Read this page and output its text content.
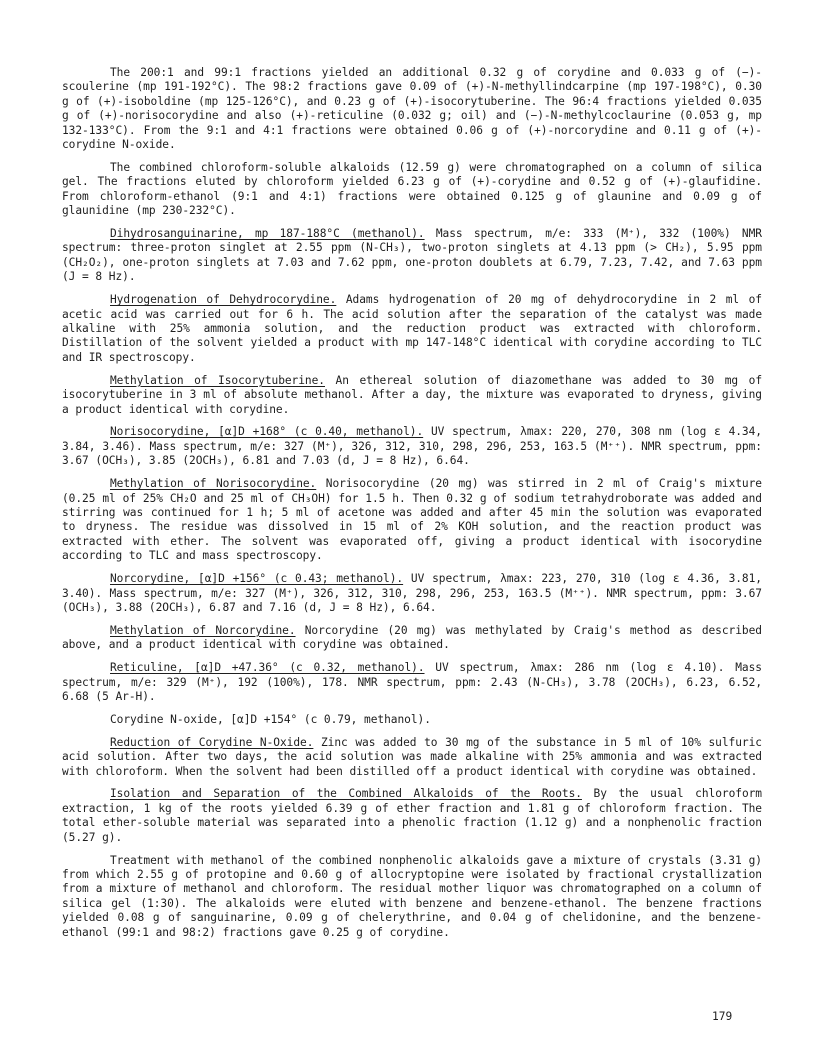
The 200:1 and 99:1 fractions yielded an additional 0.32 g of corydine and 0.033 g of (−)-scoulerine (mp 191-192°C). The 98:2 fractions gave 0.09 of (+)-N-methyllindcarpine (mp 197-198°C), 0.30 g of (+)-isoboldine (mp 125-126°C), and 0.23 g of (+)-isocorytuberine. The 96:4 fractions yielded 0.035 g of (+)-norisocorydine and also (+)-reticuline (0.032 g; oil) and (−)-N-methylcoclaurine (0.053 g, mp 132-133°C). From the 9:1 and 4:1 fractions were obtained 0.06 g of (+)-norcorydine and 0.11 g of (+)-corydine N-oxide.

The combined chloroform-soluble alkaloids (12.59 g) were chromatographed on a column of silica gel. The fractions eluted by chloroform yielded 6.23 g of (+)-corydine and 0.52 g of (+)-glaufidine. From chloroform-ethanol (9:1 and 4:1) fractions were obtained 0.125 g of glaunine and 0.09 g of glaunidine (mp 230-232°C).

Dihydrosanguinarine, mp 187-188°C (methanol). Mass spectrum, m/e: 333 (M⁺), 332 (100%) NMR spectrum: three-proton singlet at 2.55 ppm (N-CH₃), two-proton singlets at 4.13 ppm (> CH₂), 5.95 ppm (CH₂O₂), one-proton singlets at 7.03 and 7.62 ppm, one-proton doublets at 6.79, 7.23, 7.42, and 7.63 ppm (J = 8 Hz).

Hydrogenation of Dehydrocorydine. Adams hydrogenation of 20 mg of dehydrocorydine in 2 ml of acetic acid was carried out for 6 h. The acid solution after the separation of the catalyst was made alkaline with 25% ammonia solution, and the reduction product was extracted with chloroform. Distillation of the solvent yielded a product with mp 147-148°C identical with corydine according to TLC and IR spectroscopy.

Methylation of Isocorytuberine. An ethereal solution of diazomethane was added to 30 mg of isocorytuberine in 3 ml of absolute methanol. After a day, the mixture was evaporated to dryness, giving a product identical with corydine.

Norisocorydine, [α]D +168° (c 0.40, methanol). UV spectrum, λmax: 220, 270, 308 nm (log ε 4.34, 3.84, 3.46). Mass spectrum, m/e: 327 (M⁺), 326, 312, 310, 298, 296, 253, 163.5 (M⁺⁺). NMR spectrum, ppm: 3.67 (OCH₃), 3.85 (2OCH₃), 6.81 and 7.03 (d, J = 8 Hz), 6.64.

Methylation of Norisocorydine. Norisocorydine (20 mg) was stirred in 2 ml of Craig's mixture (0.25 ml of 25% CH₂O and 25 ml of CH₃OH) for 1.5 h. Then 0.32 g of sodium tetrahydroborate was added and stirring was continued for 1 h; 5 ml of acetone was added and after 45 min the solution was evaporated to dryness. The residue was dissolved in 15 ml of 2% KOH solution, and the reaction product was extracted with ether. The solvent was evaporated off, giving a product identical with isocorydine according to TLC and mass spectroscopy.

Norcorydine, [α]D +156° (c 0.43; methanol). UV spectrum, λmax: 223, 270, 310 (log ε 4.36, 3.81, 3.40). Mass spectrum, m/e: 327 (M⁺), 326, 312, 310, 298, 296, 253, 163.5 (M⁺⁺). NMR spectrum, ppm: 3.67 (OCH₃), 3.88 (2OCH₃), 6.87 and 7.16 (d, J = 8 Hz), 6.64.

Methylation of Norcorydine. Norcorydine (20 mg) was methylated by Craig's method as described above, and a product identical with corydine was obtained.

Reticuline, [α]D +47.36° (c 0.32, methanol). UV spectrum, λmax: 286 nm (log ε 4.10). Mass spectrum, m/e: 329 (M⁺), 192 (100%), 178. NMR spectrum, ppm: 2.43 (N-CH₃), 3.78 (2OCH₃), 6.23, 6.52, 6.68 (5 Ar-H).

Corydine N-oxide, [α]D +154° (c 0.79, methanol).

Reduction of Corydine N-Oxide. Zinc was added to 30 mg of the substance in 5 ml of 10% sulfuric acid solution. After two days, the acid solution was made alkaline with 25% ammonia and was extracted with chloroform. When the solvent had been distilled off a product identical with corydine was obtained.

Isolation and Separation of the Combined Alkaloids of the Roots. By the usual chloroform extraction, 1 kg of the roots yielded 6.39 g of ether fraction and 1.81 g of chloroform fraction. The total ether-soluble material was separated into a phenolic fraction (1.12 g) and a nonphenolic fraction (5.27 g).

Treatment with methanol of the combined nonphenolic alkaloids gave a mixture of crystals (3.31 g) from which 2.55 g of protopine and 0.60 g of allocryptopine were isolated by fractional crystallization from a mixture of methanol and chloroform. The residual mother liquor was chromatographed on a column of silica gel (1:30). The alkaloids were eluted with benzene and benzene-ethanol. The benzene fractions yielded 0.08 g of sanguinarine, 0.09 g of chelerythrine, and 0.04 g of chelidonine, and the benzene-ethanol (99:1 and 98:2) fractions gave 0.25 g of corydine.

179
